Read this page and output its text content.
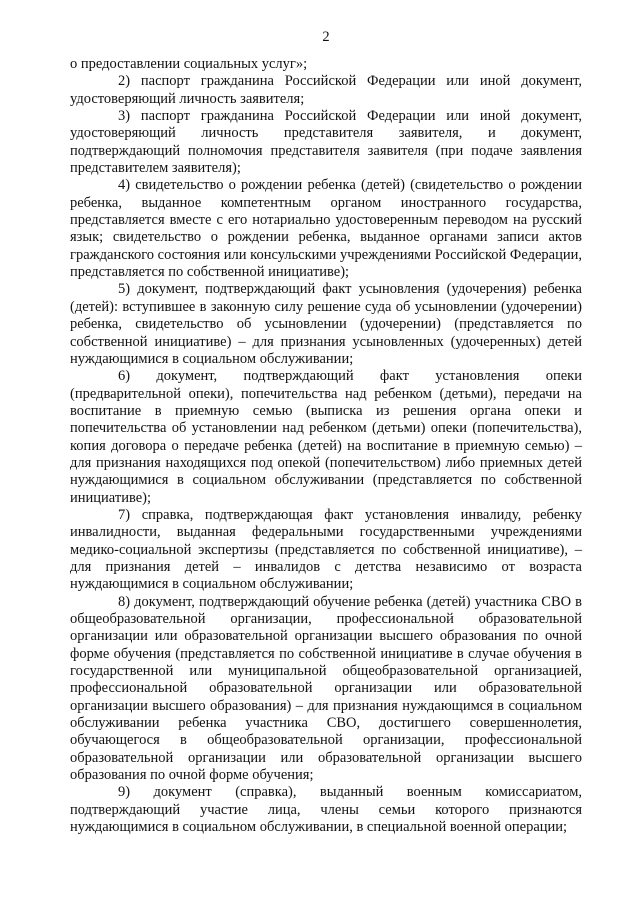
2

о предоставлении социальных услуг»;

2) паспорт гражданина Российской Федерации или иной документ, удостоверяющий личность заявителя;

3) паспорт гражданина Российской Федерации или иной документ, удостоверяющий личность представителя заявителя, и документ, подтверждающий полномочия представителя заявителя (при подаче заявления представителем заявителя);

4) свидетельство о рождении ребенка (детей) (свидетельство о рождении ребенка, выданное компетентным органом иностранного государства, представляется вместе с его нотариально удостоверенным переводом на русский язык; свидетельство о рождении ребенка, выданное органами записи актов гражданского состояния или консульскими учреждениями Российской Федерации, представляется по собственной инициативе);

5) документ, подтверждающий факт усыновления (удочерения) ребенка (детей): вступившее в законную силу решение суда об усыновлении (удочерении) ребенка, свидетельство об усыновлении (удочерении) (представляется по собственной инициативе) – для признания усыновленных (удочеренных) детей нуждающимися в социальном обслуживании;

6) документ, подтверждающий факт установления опеки (предварительной опеки), попечительства над ребенком (детьми), передачи на воспитание в приемную семью (выписка из решения органа опеки и попечительства об установлении над ребенком (детьми) опеки (попечительства), копия договора о передаче ребенка (детей) на воспитание в приемную семью) – для признания находящихся под опекой (попечительством) либо приемных детей нуждающимися в социальном обслуживании (представляется по собственной инициативе);

7) справка, подтверждающая факт установления инвалиду, ребенку инвалидности, выданная федеральными государственными учреждениями медико-социальной экспертизы (представляется по собственной инициативе), – для признания детей – инвалидов с детства независимо от возраста нуждающимися в социальном обслуживании;

8) документ, подтверждающий обучение ребенка (детей) участника СВО в общеобразовательной организации, профессиональной образовательной организации или образовательной организации высшего образования по очной форме обучения (представляется по собственной инициативе в случае обучения в государственной или муниципальной общеобразовательной организацией, профессиональной образовательной организации или образовательной организации высшего образования) – для признания нуждающимся в социальном обслуживании ребенка участника СВО, достигшего совершеннолетия, обучающегося в общеобразовательной организации, профессиональной образовательной организации или образовательной организации высшего образования по очной форме обучения;

9) документ (справка), выданный военным комиссариатом, подтверждающий участие лица, члены семьи которого признаются нуждающимися в социальном обслуживании, в специальной военной операции;
